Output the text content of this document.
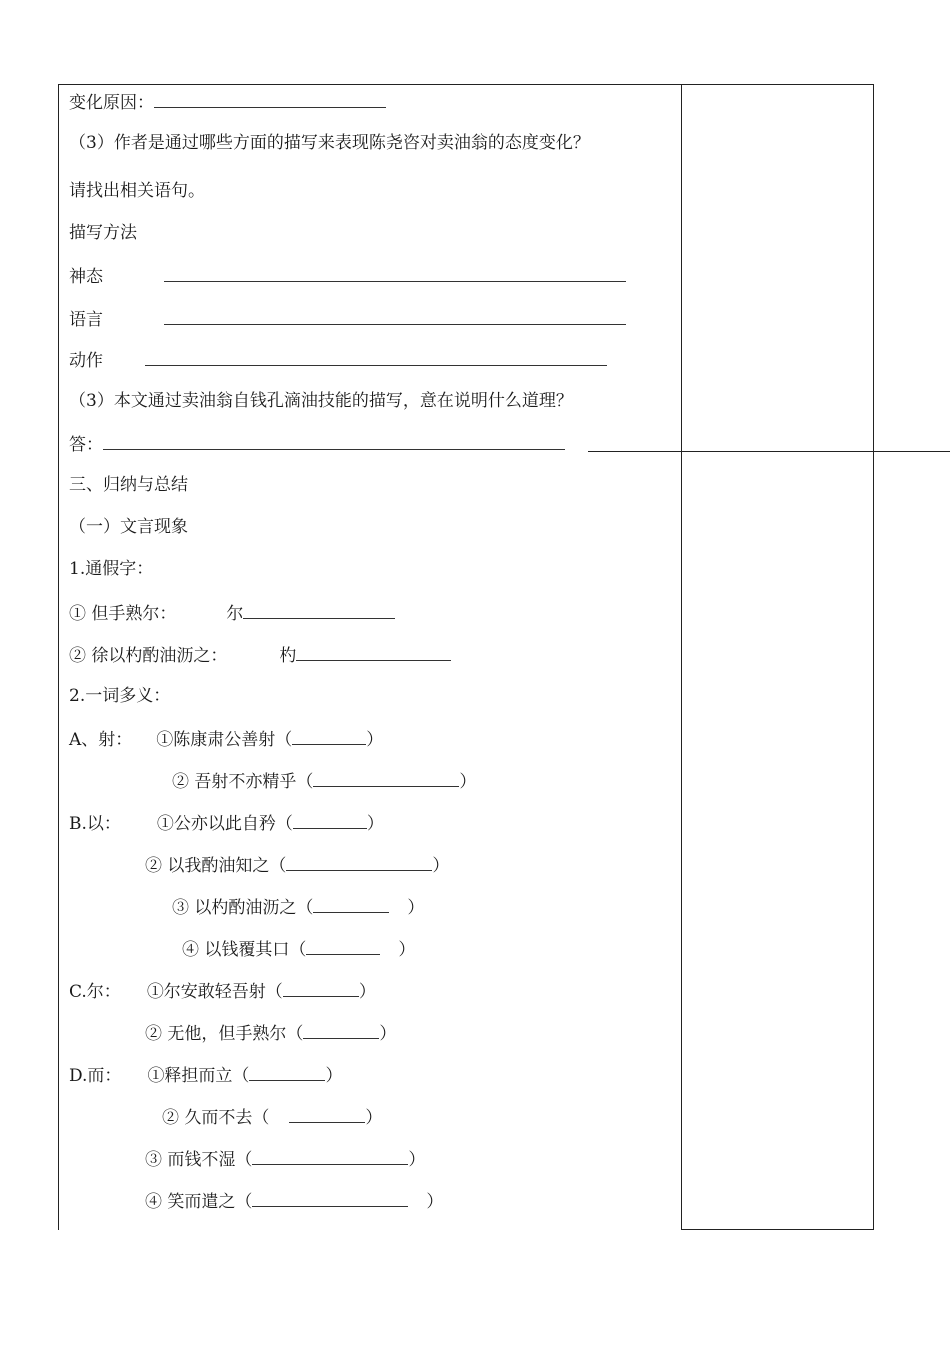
变化原因：
（3）作者是通过哪些方面的描写来表现陈尧咨对卖油翁的态度变化？
请找出相关语句。
描写方法
神态
语言
动作
（3）本文通过卖油翁自钱孔滴油技能的描写，意在说明什么道理？
答：
三、归纳与总结
（一）文言现象
1.通假字：
① 但手熟尔：	尔
② 徐以杓酌油沥之：	杓
2.一词多义：
A、射： ①陈康肃公善射（	）
② 吾射不亦精乎（	）
B.以： ①公亦以此自矜（	）
② 以我酌油知之（	）
③ 以杓酌油沥之（	）
④ 以钱覆其口（	）
C.尔： ①尔安敢轻吾射（	）
② 无他，但手熟尔（	）
D.而： ①释担而立（	）
② 久而不去（	）
③ 而钱不湿（	）
④ 笑而遣之（	）
